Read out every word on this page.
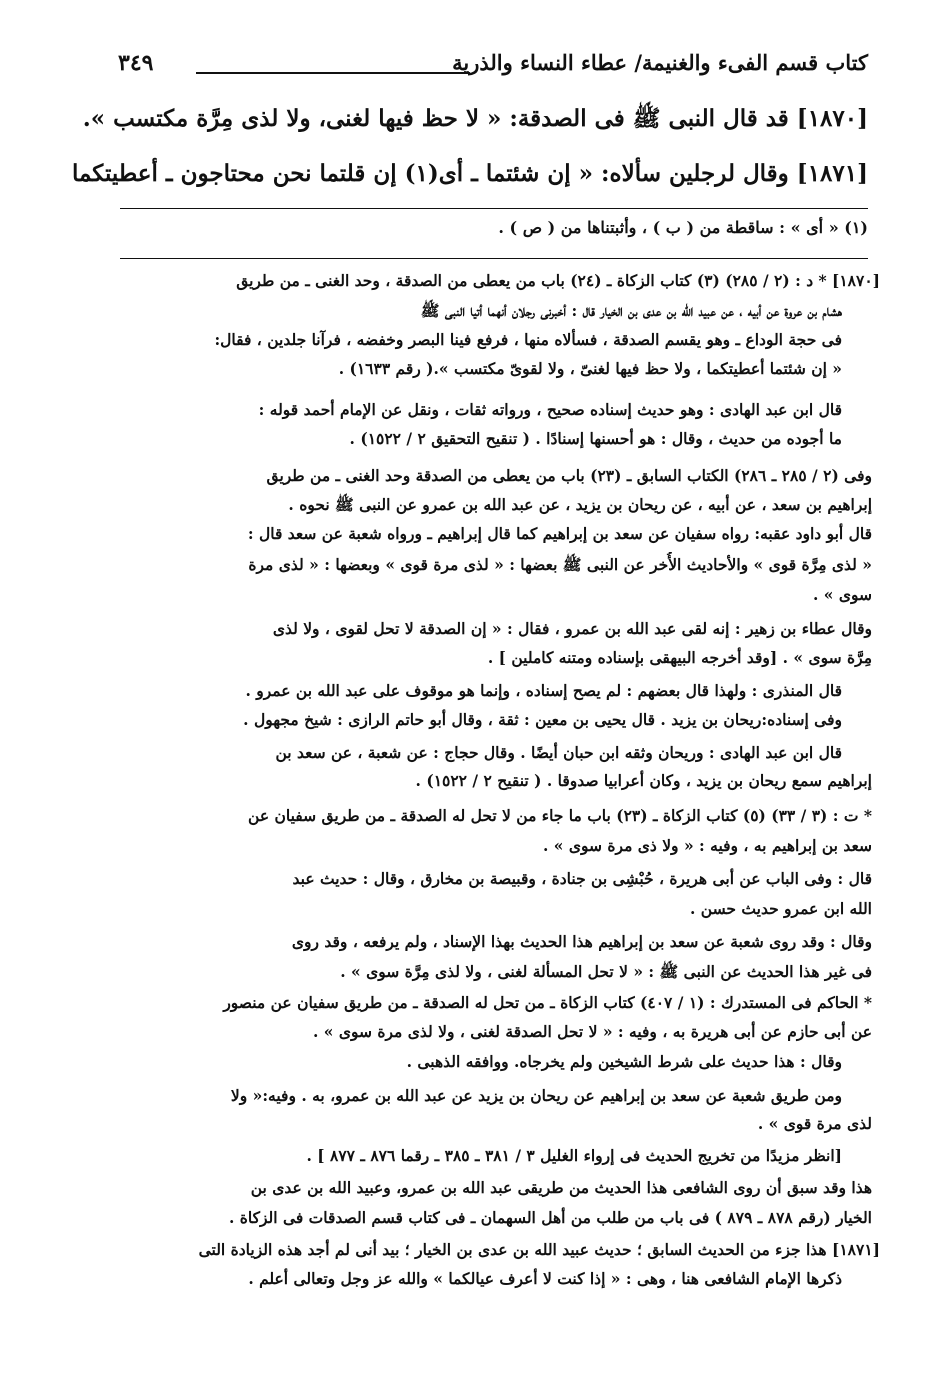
كتاب قسم الفىء والغنيمة/ عطاء النساء والذرية
٣٤٩
[١٨٧٠] قد قال النبى ﷺ فى الصدقة: « لا حظ فيها لغنى، ولا لذى مِرَّة مكتسب ».
[١٨٧١] وقال لرجلين سألاه: « إن شئتما ـ أى(١) إن قلتما نحن محتاجون ـ أعطيتكما
(١) « أى » : ساقطة من ( ب ) ، وأثبتناها من ( ص ) .
[١٨٧٠] * د : (٢ / ٢٨٥) (٣) كتاب الزكاة ـ (٢٤) باب من يعطى من الصدقة ، وحد الغنى ـ من طريق
هشام بن عروة عن أبيه ، عن عبيد الله بن عدى بن الخيار قال : أخبرنى رجلان أنهما أتيا النبى ﷺ
فى حجة الوداع ـ وهو يقسم الصدقة ، فسألاه منها ، فرفع فينا البصر وخفضه ، فرآنا جلدين ، فقال:
« إن شئتما أعطيتكما ، ولا حظ فيها لغنىّ ، ولا لقوىّ مكتسب ».( رقم ١٦٣٣) .
قال ابن عبد الهادى : وهو حديث إسناده صحيح ، ورواته ثقات ، ونقل عن الإمام أحمد قوله :
ما أجوده من حديث ، وقال : هو أحسنها إسنادًا . ( تنقيح التحقيق ٢ / ١٥٢٢) .
وفى (٢ / ٢٨٥ ـ ٢٨٦) الكتاب السابق ـ (٢٣) باب من يعطى من الصدقة وحد الغنى ـ من طريق
إبراهيم بن سعد ، عن أبيه ، عن ريحان بن يزيد ، عن عبد الله بن عمرو عن النبى ﷺ نحوه .
قال أبو داود عقبه: رواه سفيان عن سعد بن إبراهيم كما قال إبراهيم ـ ورواه شعبة عن سعد قال :
« لذى مِرَّة قوى » والأحاديث الأُخر عن النبى ﷺ بعضها : « لذى مرة قوى » وبعضها : « لذى مرة
سوى » .
وقال عطاء بن زهير : إنه لقى عبد الله بن عمرو ، فقال : « إن الصدقة لا تحل لقوى ، ولا لذى
مِرَّة سوى » . [وقد أخرجه البيهقى بإسناده ومتنه كاملين ] .
قال المنذرى : ولهذا قال بعضهم : لم يصح إسناده ، وإنما هو موقوف على عبد الله بن عمرو .
وفى إسناده:ريحان بن يزيد . قال يحيى بن معين : ثقة ، وقال أبو حاتم الرازى : شيخ مجهول .
قال ابن عبد الهادى : وريحان وثقه ابن حبان أيضًا . وقال حجاج : عن شعبة ، عن سعد بن
إبراهيم سمع ريحان بن يزيد ، وكان أعرابيا صدوقا . ( تنقيح ٢ / ١٥٢٢) .
* ت : (٣ / ٣٣) (٥) كتاب الزكاة ـ (٢٣) باب ما جاء من لا تحل له الصدقة ـ من طريق سفيان عن
سعد بن إبراهيم به ، وفيه : « ولا ذى مرة سوى » .
قال : وفى الباب عن أبى هريرة ، حُبْشِى بن جنادة ، وقبيصة بن مخارق ، وقال : حديث عبد
الله ابن عمرو حديث حسن .
وقال : وقد روى شعبة عن سعد بن إبراهيم هذا الحديث بهذا الإسناد ، ولم يرفعه ، وقد روى
فى غير هذا الحديث عن النبى ﷺ : « لا تحل المسألة لغنى ، ولا لذى مِرَّة سوى » .
* الحاكم فى المستدرك : (١ / ٤٠٧) كتاب الزكاة ـ من تحل له الصدقة ـ من طريق سفيان عن منصور
عن أبى حازم عن أبى هريرة به ، وفيه : « لا تحل الصدقة لغنى ، ولا لذى مرة سوى » .
وقال : هذا حديث على شرط الشيخين ولم يخرجاه. ووافقه الذهبى .
ومن طريق شعبة عن سعد بن إبراهيم عن ريحان بن يزيد عن عبد الله بن عمرو، به . وفيه:« ولا
لذى مرة قوى » .
[انظر مزيدًا من تخريج الحديث فى إرواء الغليل ٣ / ٣٨١ ـ ٣٨٥ ـ رقما ٨٧٦ ـ ٨٧٧ ] .
هذا وقد سبق أن روى الشافعى هذا الحديث من طريقى عبد الله بن عمرو، وعبيد الله بن عدى بن
الخيار (رقم ٨٧٨ ـ ٨٧٩ ) فى باب من طلب من أهل السهمان ـ فى كتاب قسم الصدقات فى الزكاة .
[١٨٧١] هذا جزء من الحديث السابق ؛ حديث عبيد الله بن عدى بن الخيار ؛ بيد أنى لم أجد هذه الزيادة التى
ذكرها الإمام الشافعى هنا ، وهى : « إذا كنت لا أعرف عيالكما » والله عز وجل وتعالى أعلم .
